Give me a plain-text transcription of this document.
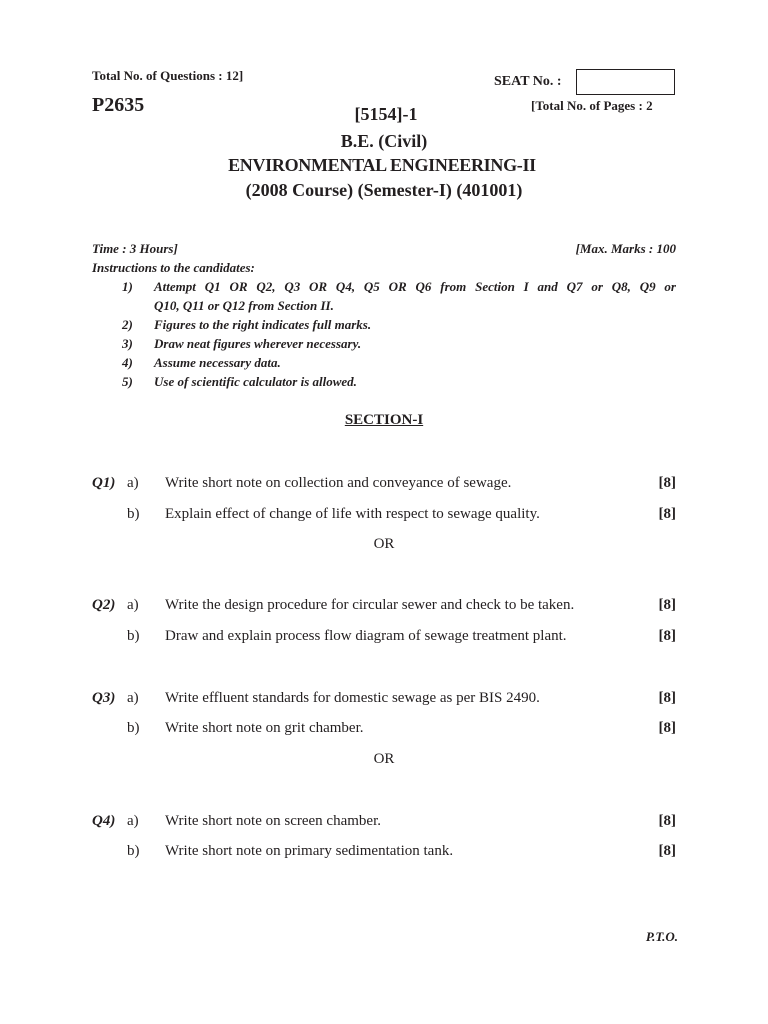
Total No. of Questions : 12]
P2635
SEAT No. :
[Total No. of Pages : 2
[5154]-1
B.E. (Civil)
ENVIRONMENTAL ENGINEERING-II
(2008 Course) (Semester-I) (401001)
Time : 3 Hours]	[Max. Marks : 100
Instructions to the candidates:
1) Attempt Q1 OR Q2, Q3 OR Q4, Q5 OR Q6 from Section I and Q7 or Q8, Q9 or
Q10, Q11 or Q12 from Section II.
2) Figures to the right indicates full marks.
3) Draw neat figures wherever necessary.
4) Assume necessary data.
5) Use of scientific calculator is allowed.
SECTION-I
Q1) a) Write short note on collection and conveyance of sewage.	[8]
b) Explain effect of change of life with respect to sewage quality.	[8]
OR
Q2) a) Write the design procedure for circular sewer and check to be taken.	[8]
b) Draw and explain process flow diagram of sewage treatment plant.	[8]
Q3) a) Write effluent standards for domestic sewage as per BIS 2490.	[8]
b) Write short note on grit chamber.	[8]
OR
Q4) a) Write short note on screen chamber.	[8]
b) Write short note on primary sedimentation tank.	[8]
P.T.O.
